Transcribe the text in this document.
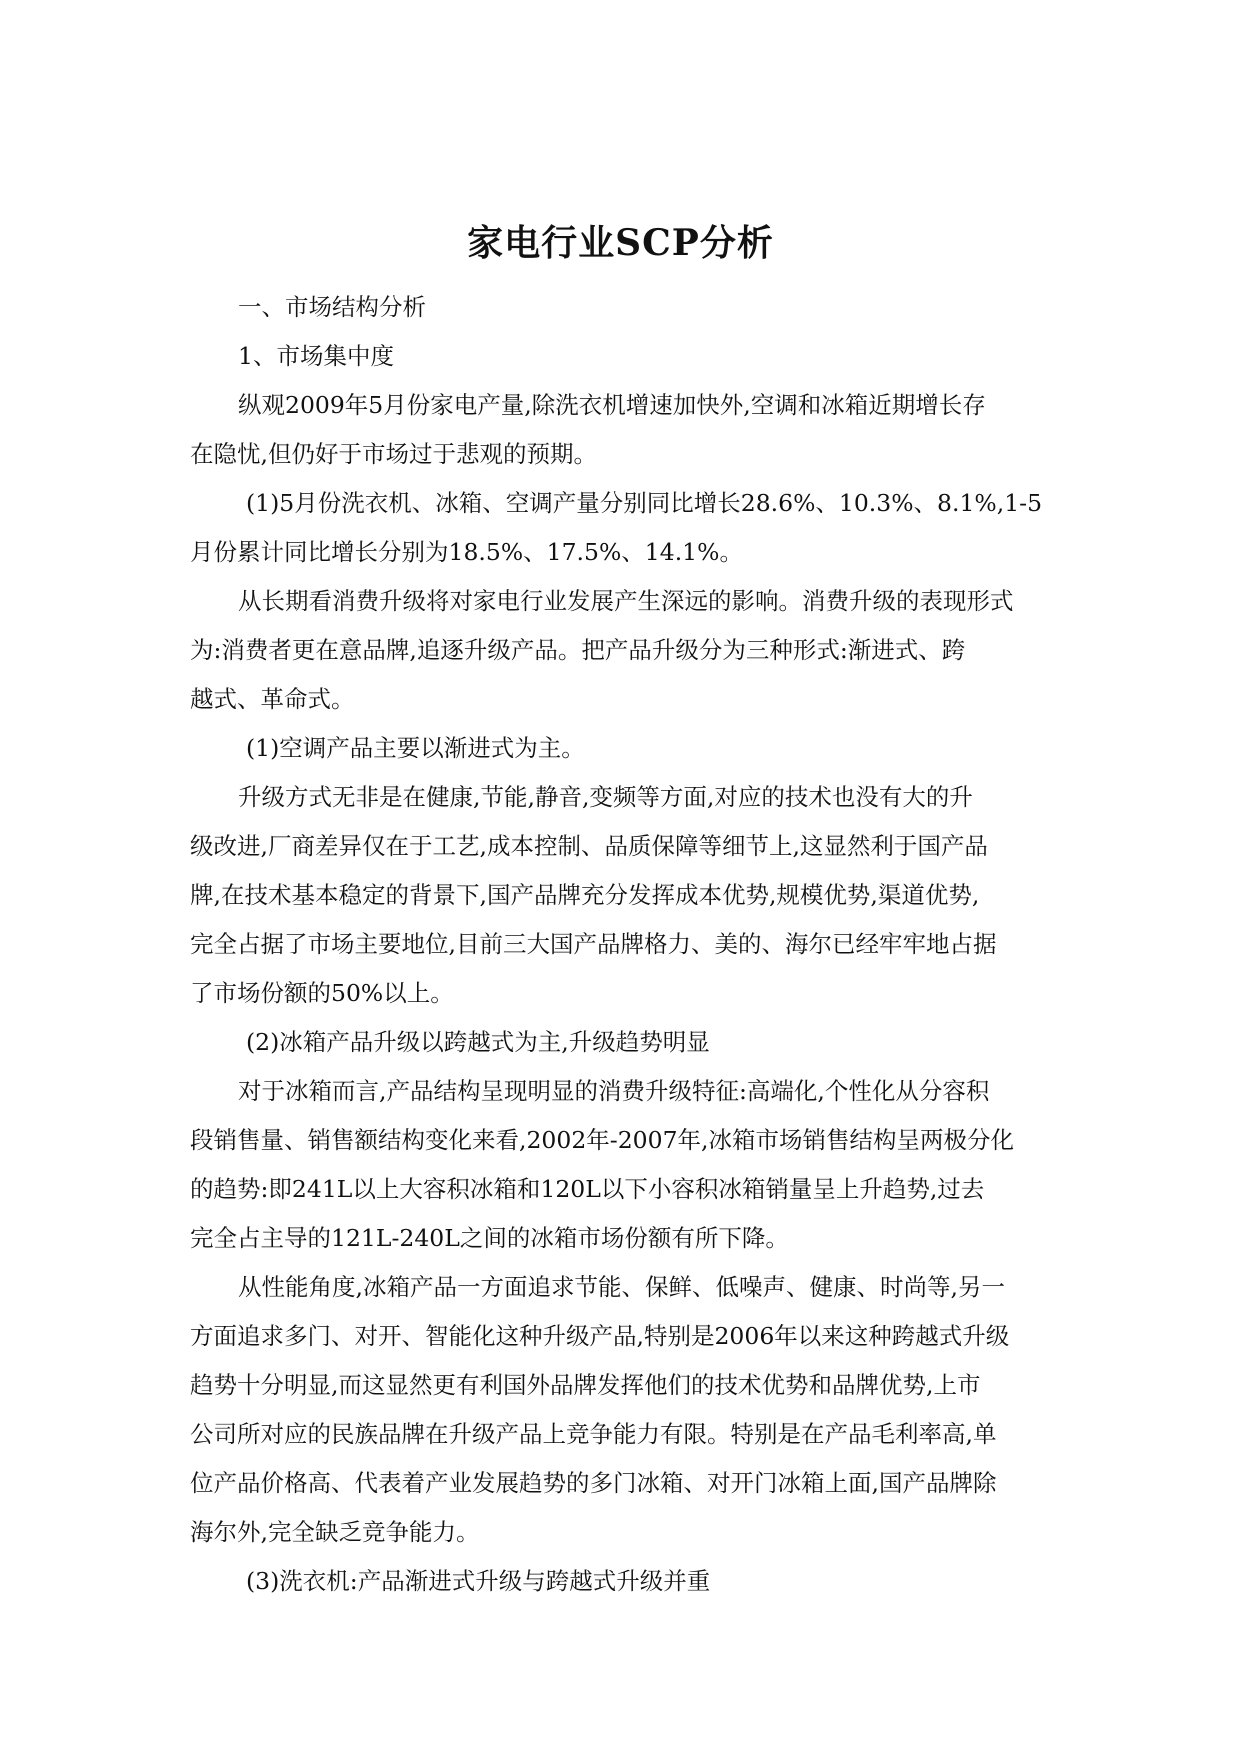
家电行业SCP分析
一、市场结构分析
1、市场集中度
纵观2009年5月份家电产量,除洗衣机增速加快外,空调和冰箱近期增长存
在隐忧,但仍好于市场过于悲观的预期。
(1)5月份洗衣机、冰箱、空调产量分别同比增长28.6%、10.3%、8.1%,1-5
月份累计同比增长分别为18.5%、17.5%、14.1%。
从长期看消费升级将对家电行业发展产生深远的影响。消费升级的表现形式
为:消费者更在意品牌,追逐升级产品。把产品升级分为三种形式:渐进式、跨
越式、革命式。
(1)空调产品主要以渐进式为主。
升级方式无非是在健康,节能,静音,变频等方面,对应的技术也没有大的升
级改进,厂商差异仅在于工艺,成本控制、品质保障等细节上,这显然利于国产品
牌,在技术基本稳定的背景下,国产品牌充分发挥成本优势,规模优势,渠道优势,
完全占据了市场主要地位,目前三大国产品牌格力、美的、海尔已经牢牢地占据
了市场份额的50%以上。
(2)冰箱产品升级以跨越式为主,升级趋势明显
对于冰箱而言,产品结构呈现明显的消费升级特征:高端化,个性化从分容积
段销售量、销售额结构变化来看,2002年-2007年,冰箱市场销售结构呈两极分化
的趋势:即241L以上大容积冰箱和120L以下小容积冰箱销量呈上升趋势,过去
完全占主导的121L-240L之间的冰箱市场份额有所下降。
从性能角度,冰箱产品一方面追求节能、保鲜、低噪声、健康、时尚等,另一
方面追求多门、对开、智能化这种升级产品,特别是2006年以来这种跨越式升级
趋势十分明显,而这显然更有利国外品牌发挥他们的技术优势和品牌优势,上市
公司所对应的民族品牌在升级产品上竞争能力有限。特别是在产品毛利率高,单
位产品价格高、代表着产业发展趋势的多门冰箱、对开门冰箱上面,国产品牌除
海尔外,完全缺乏竞争能力。
(3)洗衣机:产品渐进式升级与跨越式升级并重
